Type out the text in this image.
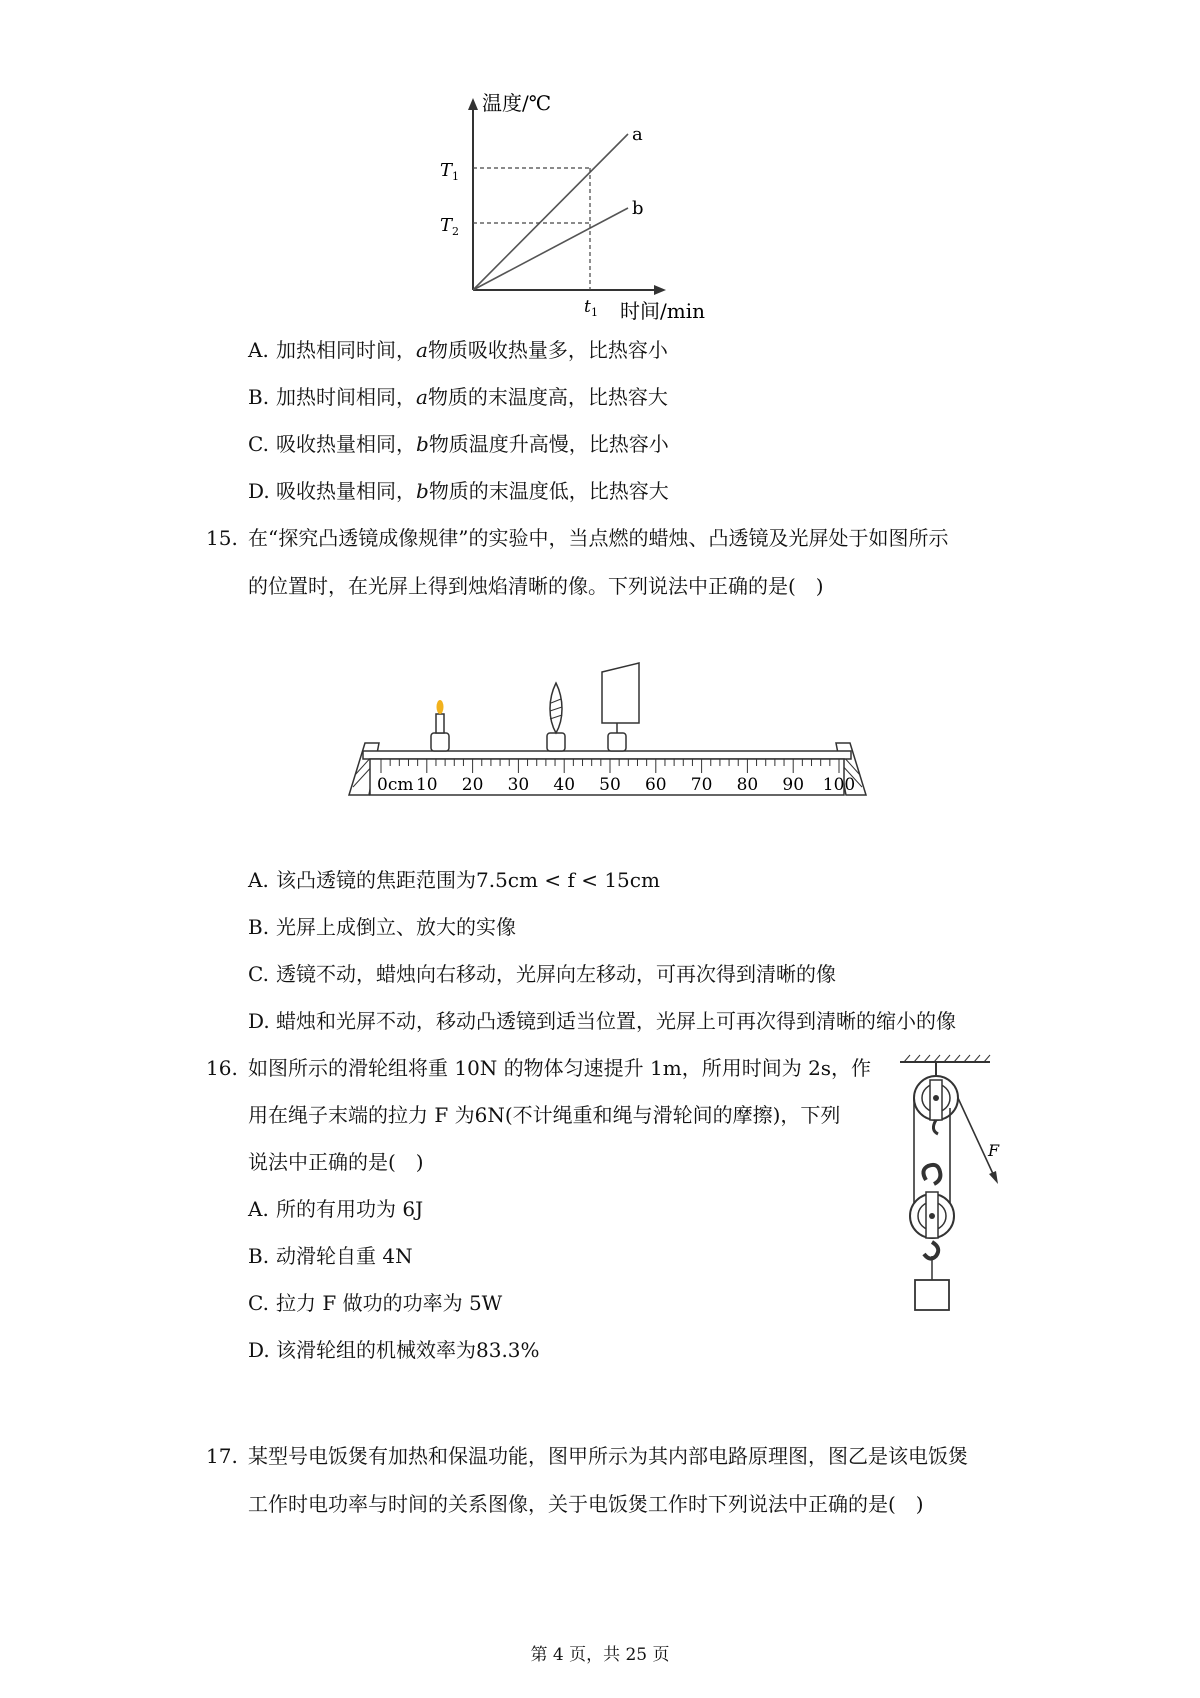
温度/℃
时间/min
a
b
T 1
T 2
t 1
A. 加热相同时间，a物质吸收热量多，比热容小
B. 加热时间相同，a物质的末温度高，比热容大
C. 吸收热量相同，b物质温度升高慢，比热容小
D. 吸收热量相同，b物质的末温度低，比热容大
15. 在“探究凸透镜成像规律”的实验中，当点燃的蜡烛、凸透镜及光屏处于如图所示
的位置时，在光屏上得到烛焰清晰的像。下列说法中正确的是( )
0cm 10 20 30 40 50 60 70 80 90 100
A. 该凸透镜的焦距范围为7.5cm < f < 15cm
B. 光屏上成倒立、放大的实像
C. 透镜不动，蜡烛向右移动，光屏向左移动，可再次得到清晰的像
D. 蜡烛和光屏不动，移动凸透镜到适当位置，光屏上可再次得到清晰的缩小的像
16. 如图所示的滑轮组将重 10N 的物体匀速提升 1m，所用时间为 2s，作
用在绳子末端的拉力 F 为6N(不计绳重和绳与滑轮间的摩擦)，下列
说法中正确的是( )	F
A. 所的有用功为 6J
B. 动滑轮自重 4N
C. 拉力 F 做功的功率为 5W
D. 该滑轮组的机械效率为83.3%
17. 某型号电饭煲有加热和保温功能，图甲所示为其内部电路原理图，图乙是该电饭煲
工作时电功率与时间的关系图像，关于电饭煲工作时下列说法中正确的是( )
第 4 页，共 25 页
